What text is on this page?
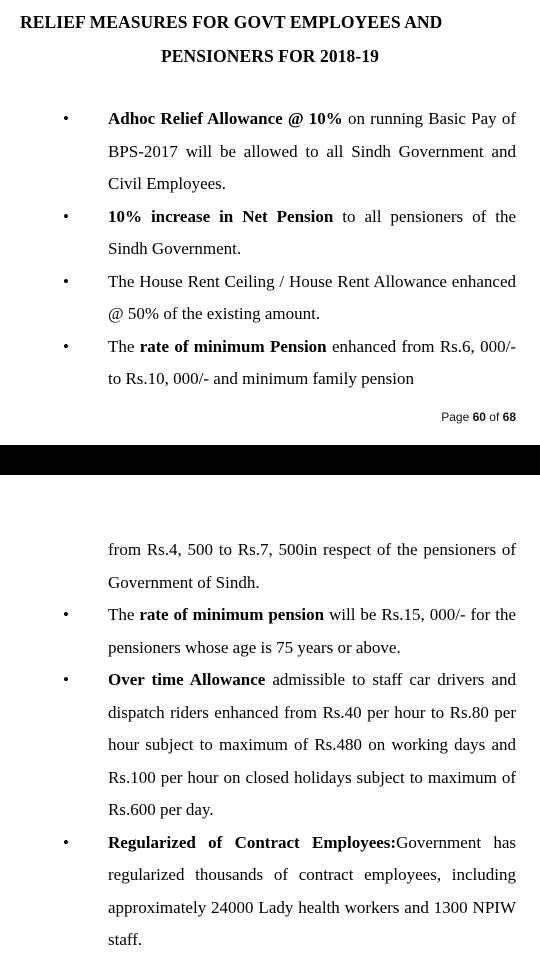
RELIEF MEASURES FOR GOVT EMPLOYEES AND
PENSIONERS FOR 2018-19
• Adhoc Relief Allowance @ 10% on running Basic Pay of BPS-2017 will be allowed to all Sindh Government and Civil Employees.
• 10% increase in Net Pension to all pensioners of the Sindh Government.
• The House Rent Ceiling / House Rent Allowance enhanced @ 50% of the existing amount.
• The rate of minimum Pension enhanced from Rs.6, 000/- to Rs.10, 000/- and minimum family pension
Page 60 of 68
from Rs.4, 500 to Rs.7, 500in respect of the pensioners of Government of Sindh.
• The rate of minimum pension will be Rs.15, 000/- for the pensioners whose age is 75 years or above.
• Over time Allowance admissible to staff car drivers and dispatch riders enhanced from Rs.40 per hour to Rs.80 per hour subject to maximum of Rs.480 on working days and Rs.100 per hour on closed holidays subject to maximum of Rs.600 per day.
• Regularized of Contract Employees:Government has regularized thousands of contract employees, including approximately 24000 Lady health workers and 1300 NPIW staff.
